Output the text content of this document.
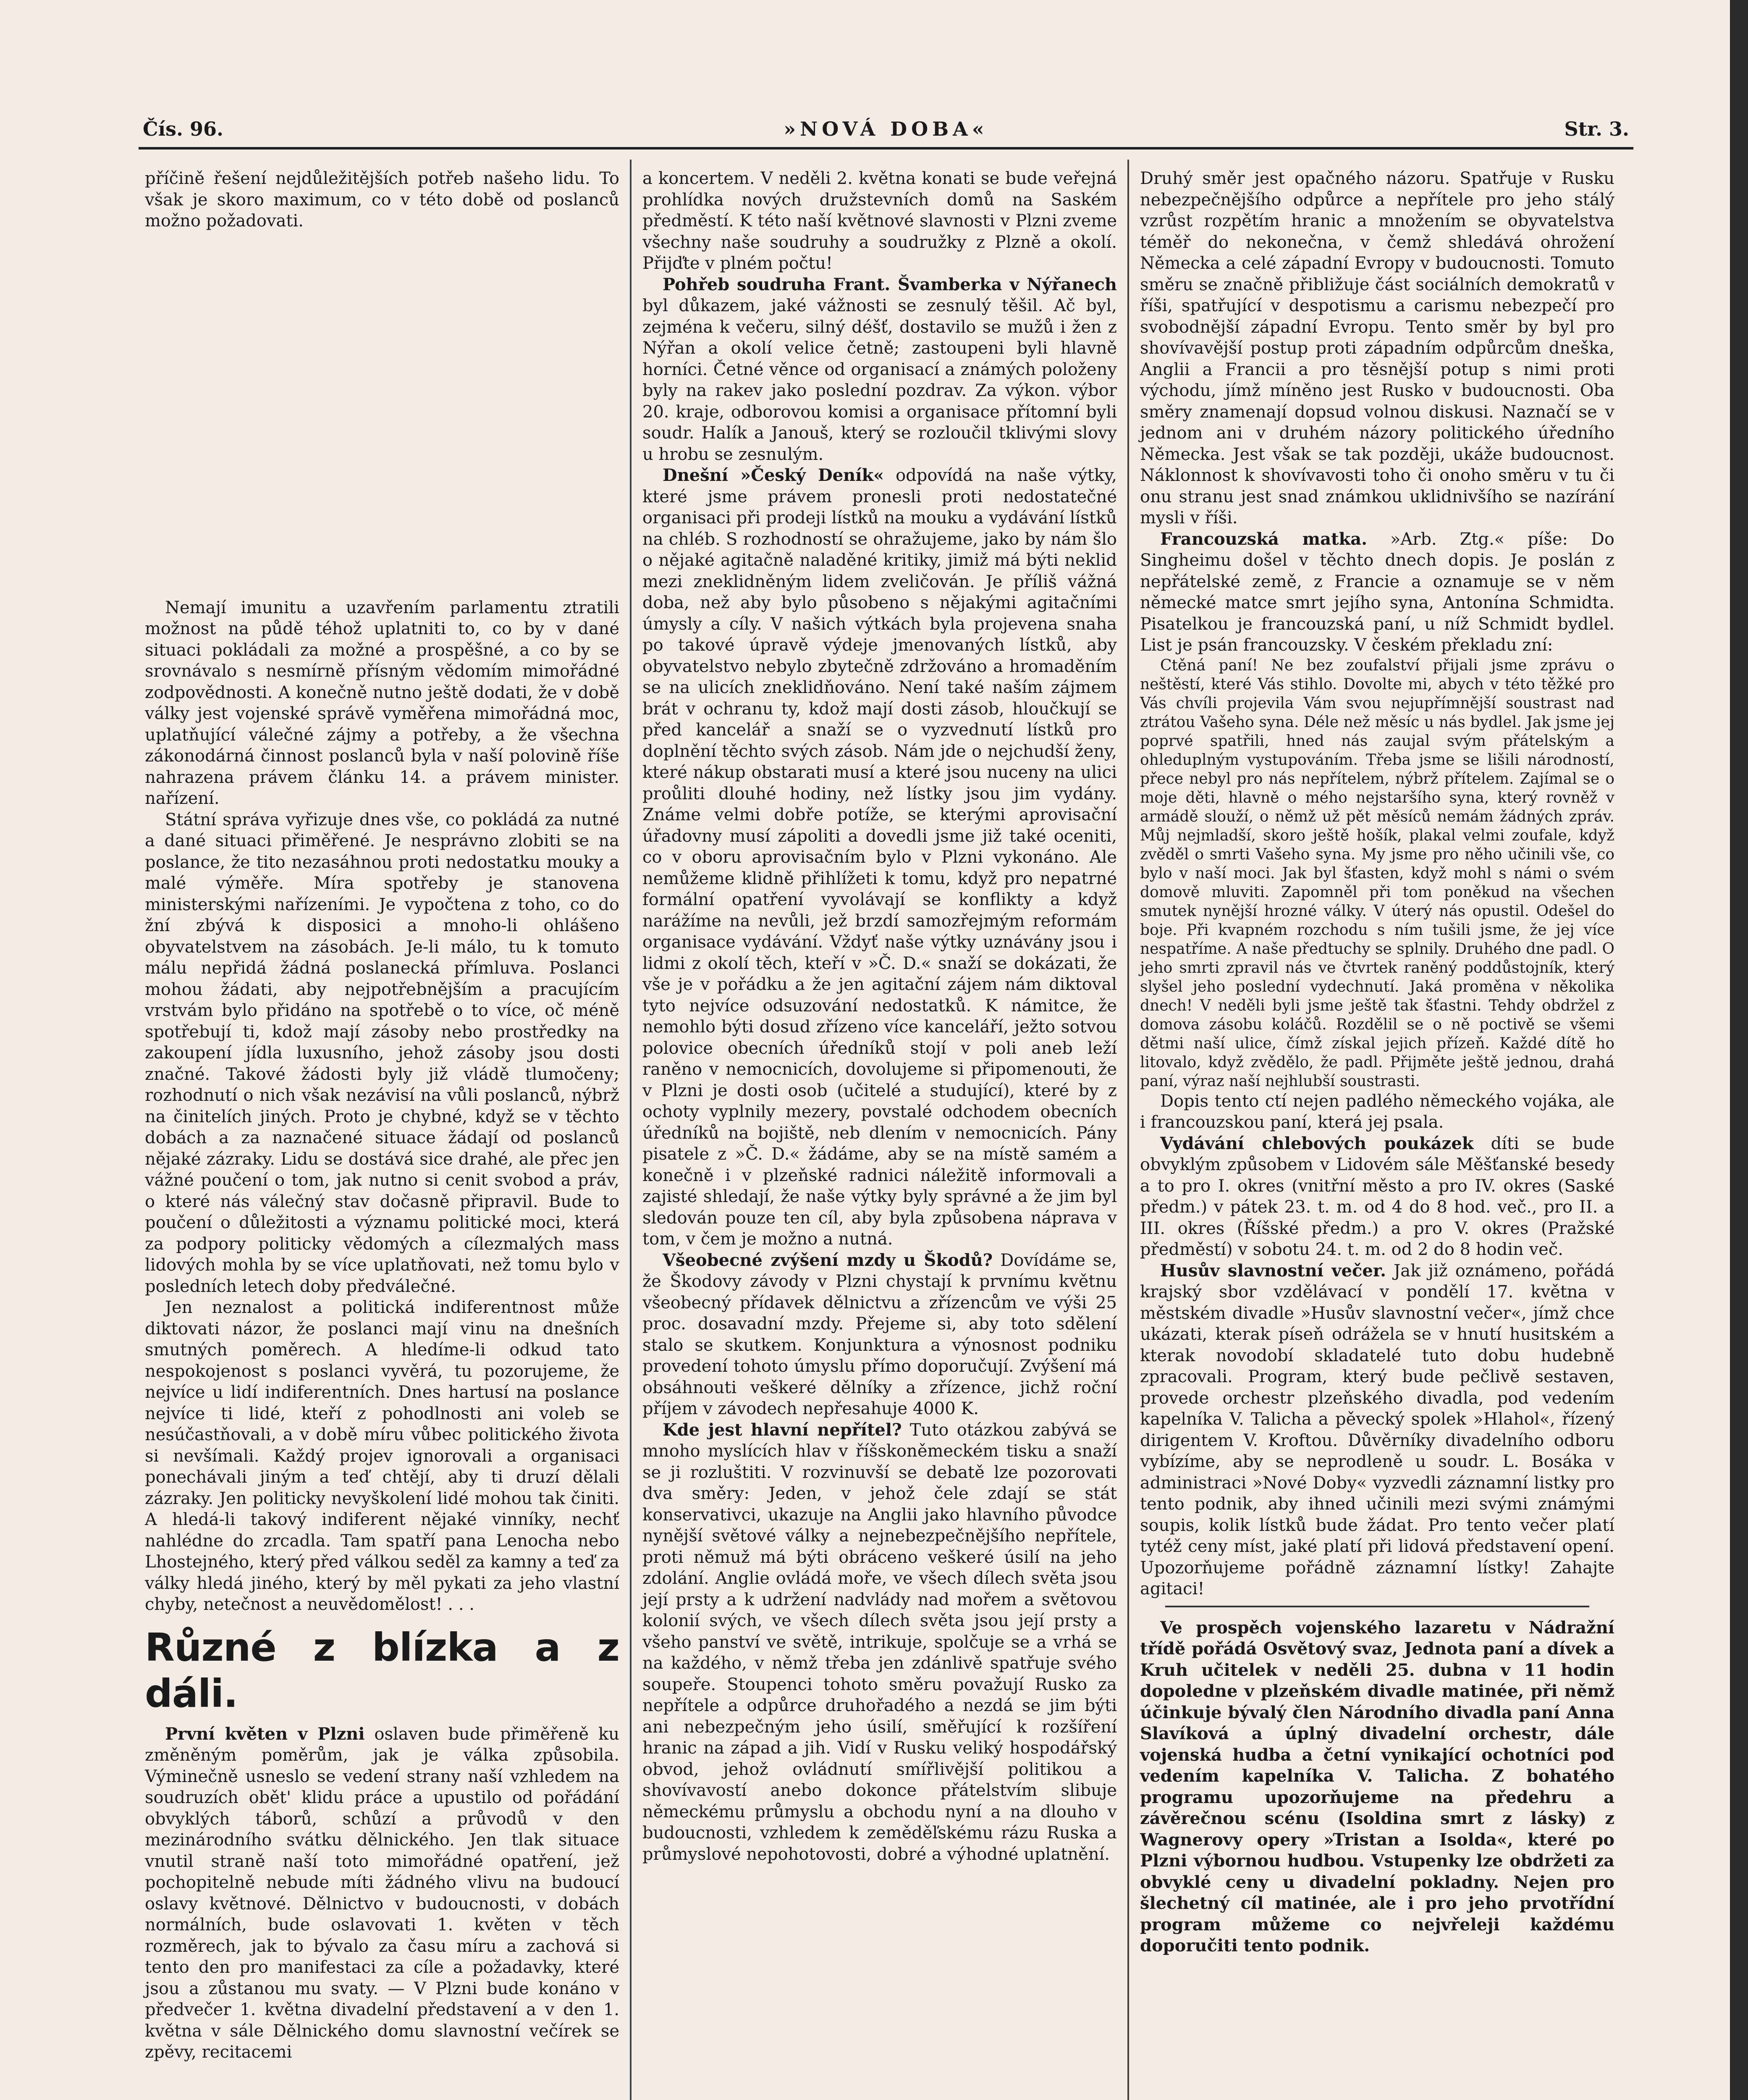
Čís. 96.	»NOVÁ DOBA«	Str. 3.

příčině řešení nejdůležitějších potřeb našeho lidu. To však je skoro maximum, co v této době od poslanců možno požadovati.

Nemají imunitu a uzavřením parlamentu ztratili možnost na půdě téhož uplatniti to, co by v dané situaci pokládali za možné a prospěšné, a co by se srovnávalo s nesmírně přísným vědomím mimořádné zodpovědnosti. A konečně nutno ještě dodati, že v době války jest vojenské správě vyměřena mimořádná moc, uplatňující válečné zájmy a potřeby, a že všechna zákonodárná činnost poslanců byla v naší polovině říše nahrazena právem článku 14. a právem minister. nařízení.

Státní správa vyřizuje dnes vše, co pokládá za nutné a dané situaci přiměřené. Je nesprávno zlobiti se na poslance, že tito nezasáhnou proti nedostatku mouky a malé výměře. Míra spotřeby je stanovena ministerskými nařízeními. Je vypočtena z toho, co do žní zbývá k disposici a mnoho-li ohlášeno obyvatelstvem na zásobách. Je-li málo, tu k tomuto málu nepřidá žádná poslanecká přímluva. Poslanci mohou žádati, aby nejpotřebnějším a pracujícím vrstvám bylo přidáno na spotřebě o to více, oč méně spotřebují ti, kdož mají zásoby nebo prostředky na zakoupení jídla luxusního, jehož zásoby jsou dosti značné. Takové žádosti byly již vládě tlumočeny; rozhodnutí o nich však nezávisí na vůli poslanců, nýbrž na činitelích jiných. Proto je chybné, když se v těchto dobách a za naznačené situace žádají od poslanců nějaké zázraky. Lidu se dostává sice drahé, ale přec jen vážné poučení o tom, jak nutno si cenit svobod a práv, o které nás válečný stav dočasně připravil. Bude to poučení o důležitosti a významu politické moci, která za podpory politicky vědomých a cílezmalých mass lidových mohla by se více uplatňovati, než tomu bylo v posledních letech doby předválečné.

Jen neznalost a politická indiferentnost může diktovati názor, že poslanci mají vinu na dnešních smutných poměrech. A hledíme-li odkud tato nespokojenost s poslanci vyvěrá, tu pozorujeme, že nejvíce u lidí indiferentních. Dnes hartusí na poslance nejvíce ti lidé, kteří z pohodlnosti ani voleb se nesúčastňovali, a v době míru vůbec politického života si nevšímali. Každý projev ignorovali a organisaci ponechávali jiným a teď chtějí, aby ti druzí dělali zázraky. Jen politicky nevyškolení lidé mohou tak činiti. A hledá-li takový indiferent nějaké vinníky, nechť nahlédne do zrcadla. Tam spatří pana Lenocha nebo Lhostejného, který před válkou seděl za kamny a teď za války hledá jiného, který by měl pykati za jeho vlastní chyby, netečnost a neuvědomělost! . . .

Různé z blízka a z dáli.

První květen v Plzni oslaven bude přiměřeně ku změněným poměrům, jak je válka způsobila. Výminečně usneslo se vedení strany naší vzhledem na soudruzích obět' klidu práce a upustilo od pořádání obvyklých táborů, schůzí a průvodů v den mezinárodního svátku dělnického. Jen tlak situace vnutil straně naší toto mimořádné opatření, jež pochopitelně nebude míti žádného vlivu na budoucí oslavy květnové. Dělnictvo v budoucnosti, v dobách normálních, bude oslavovati 1. květen v těch rozměrech, jak to bývalo za času míru a zachová si tento den pro manifestaci za cíle a požadavky, které jsou a zůstanou mu svaty. — V Plzni bude konáno v předvečer 1. května divadelní představení a v den 1. května v sále Dělnického domu slavnostní večírek se zpěvy, recitacemi

a koncertem. V neděli 2. května konati se bude veřejná prohlídka nových družstevních domů na Saském předměstí. K této naší květnové slavnosti v Plzni zveme všechny naše soudruhy a soudružky z Plzně a okolí. Přijďte v plném počtu!

Pohřeb soudruha Frant. Švamberka v Nýřanech byl důkazem, jaké vážnosti se zesnulý těšil. Ač byl, zejména k večeru, silný déšť, dostavilo se mužů i žen z Nýřan a okolí velice četně; zastoupeni byli hlavně horníci. Četné věnce od organisací a známých položeny byly na rakev jako poslední pozdrav. Za výkon. výbor 20. kraje, odborovou komisi a organisace přítomní byli soudr. Halík a Janouš, který se rozloučil tklivými slovy u hrobu se zesnulým.

Dnešní »Český Deník« odpovídá na naše výtky, které jsme právem pronesli proti nedostatečné organisaci při prodeji lístků na mouku a vydávání lístků na chléb. S rozhodností se ohražujeme, jako by nám šlo o nějaké agitačně naladěné kritiky, jimiž má býti neklid mezi zneklidněným lidem zveličován. Je příliš vážná doba, než aby bylo působeno s nějakými agitačními úmysly a cíly. V našich výtkách byla projevena snaha po takové úpravě výdeje jmenovaných lístků, aby obyvatelstvo nebylo zbytečně zdržováno a hromaděním se na ulicích zneklidňováno. Není také naším zájmem brát v ochranu ty, kdož mají dosti zásob, hloučkují se před kancelář a snaží se o vyzvednutí lístků pro doplnění těchto svých zásob. Nám jde o nejchudší ženy, které nákup obstarati musí a které jsou nuceny na ulici proůliti dlouhé hodiny, než lístky jsou jim vydány. Známe velmi dobře potíže, se kterými aprovisační úřadovny musí zápoliti a dovedli jsme již také oceniti, co v oboru aprovisačním bylo v Plzni vykonáno. Ale nemůžeme klidně přihlížeti k tomu, když pro nepatrné formální opatření vyvolávají se konflikty a když narážíme na nevůli, jež brzdí samozřejmým reformám organisace vydávání. Vždyť naše výtky uznávány jsou i lidmi z okolí těch, kteří v »Č. D.« snaží se dokázati, že vše je v pořádku a že jen agitační zájem nám diktoval tyto nejvíce odsuzování nedostatků. K námitce, že nemohlo býti dosud zřízeno více kanceláří, ježto sotvou polovice obecních úředníků stojí v poli aneb leží raněno v nemocnicích, dovolujeme si připomenouti, že v Plzni je dosti osob (učitelé a studující), které by z ochoty vyplnily mezery, povstalé odchodem obecních úředníků na bojiště, neb dlením v nemocnicích. Pány pisatele z »Č. D.« žádáme, aby se na místě samém a konečně i v plzeňské radnici náležitě informovali a zajisté shledají, že naše výtky byly správné a že jim byl sledován pouze ten cíl, aby byla způsobena náprava v tom, v čem je možno a nutná.

Všeobecné zvýšení mzdy u Škodů? Dovídáme se, že Škodovy závody v Plzni chystají k prvnímu květnu všeobecný přídavek dělnictvu a zřízencům ve výši 25 proc. dosavadní mzdy. Přejeme si, aby toto sdělení stalo se skutkem. Konjunktura a výnosnost podniku provedení tohoto úmyslu přímo doporučují. Zvýšení má obsáhnouti veškeré dělníky a zřízence, jichž roční příjem v závodech nepřesahuje 4000 K.

Kde jest hlavní nepřítel? Tuto otázkou zabývá se mnoho myslících hlav v říšskoněmeckém tisku a snaží se ji rozluštiti. V rozvinuvší se debatě lze pozorovati dva směry: Jeden, v jehož čele zdají se stát konservativci, ukazuje na Anglii jako hlavního původce nynější světové války a nejnebezpečnějšího nepřítele, proti němuž má býti obráceno veškeré úsilí na jeho zdolání. Anglie ovládá moře, ve všech dílech světa jsou její prsty a k udržení nadvlády nad mořem a světovou kolonií svých, ve všech dílech světa jsou její prsty a všeho panství ve světě, intrikuje, spolčuje se a vrhá se na každého, v němž třeba jen zdánlivě spatřuje svého soupeře. Stoupenci tohoto směru považují Rusko za nepřítele a odpůrce druhořadého a nezdá se jim býti ani nebezpečným jeho úsilí, směřující k rozšíření hranic na západ a jih. Vidí v Rusku veliký hospodářský obvod, jehož ovládnutí smířlivější politikou a shovívavostí anebo dokonce přátelstvím slibuje německému průmyslu a obchodu nyní a na dlouho v budoucnosti, vzhledem k zeměděľskému rázu Ruska a průmyslové nepohotovosti, dobré a výhodné uplatnění.

Druhý směr jest opačného názoru. Spatřuje v Rusku nebezpečnějšího odpůrce a nepřítele pro jeho stálý vzrůst rozpětím hranic a množením se obyvatelstva téměř do nekonečna, v čemž shledává ohrožení Německa a celé západní Evropy v budoucnosti. Tomuto směru se značně přibližuje část sociálních demokratů v říši, spatřující v despotismu a carismu nebezpečí pro svobodnější západní Evropu. Tento směr by byl pro shovívavější postup proti západním odpůrcům dneška, Anglii a Francii a pro těsnější potup s nimi proti východu, jímž míněno jest Rusko v budoucnosti. Oba směry znamenají dopsud volnou diskusi. Naznačí se v jednom ani v druhém názory politického úředního Německa. Jest však se tak později, ukáže budoucnost. Náklonnost k shovívavosti toho či onoho směru v tu či onu stranu jest snad známkou uklidnivšího se nazírání mysli v říši.

Francouzská matka. »Arb. Ztg.« píše: Do Singheimu došel v těchto dnech dopis. Je poslán z nepřátelské země, z Francie a oznamuje se v něm německé matce smrt jejího syna, Antonína Schmidta. Pisatelkou je francouzská paní, u níž Schmidt bydlel. List je psán francouzsky. V českém překladu zní:

Ctěná paní! Ne bez zoufalství přijali jsme zprávu o neštěstí, které Vás stihlo. Dovolte mi, abych v této těžké pro Vás chvíli projevila Vám svou nejupřímnější soustrast nad ztrátou Vašeho syna. Déle než měsíc u nás bydlel. Jak jsme jej poprvé spatřili, hned nás zaujal svým přátelským a ohleduplným vystupováním. Třeba jsme se lišili národností, přece nebyl pro nás nepřítelem, nýbrž přítelem. Zajímal se o moje děti, hlavně o mého nejstaršího syna, který rovněž v armádě slouží, o němž už pět měsíců nemám žádných zpráv. Můj nejmladší, skoro ještě hošík, plakal velmi zoufale, když zvěděl o smrti Vašeho syna. My jsme pro něho učinili vše, co bylo v naší moci. Jak byl šťasten, když mohl s námi o svém domově mluviti. Zapomněl při tom poněkud na všechen smutek nynější hrozné války. V úterý nás opustil. Odešel do boje. Při kvapném rozchodu s ním tušili jsme, že jej více nespatříme. A naše předtuchy se splnily. Druhého dne padl. O jeho smrti zpravil nás ve čtvrtek raněný poddůstojník, který slyšel jeho poslední vydechnutí. Jaká proměna v několika dnech! V neděli byli jsme ještě tak šťastni. Tehdy obdržel z domova zásobu koláčů. Rozdělil se o ně poctivě se všemi dětmi naší ulice, čímž získal jejich přízeň. Každé dítě ho litovalo, když zvědělo, že padl. Přijměte ještě jednou, drahá paní, výraz naší nejhlubší soustrasti.

Dopis tento ctí nejen padlého německého vojáka, ale i francouzskou paní, která jej psala.

Vydávání chlebových poukázek díti se bude obvyklým způsobem v Lidovém sále Měšťanské besedy a to pro I. okres (vnitřní město a pro IV. okres (Saské předm.) v pátek 23. t. m. od 4 do 8 hod. več., pro II. a III. okres (Říšské předm.) a pro V. okres (Pražské předměstí) v sobotu 24. t. m. od 2 do 8 hodin več.

Husův slavnostní večer. Jak již oznámeno, pořádá krajský sbor vzdělávací v pondělí 17. května v městském divadle »Husův slavnostní večer«, jímž chce ukázati, kterak píseň odrážela se v hnutí husitském a kterak novodobí skladatelé tuto dobu hudebně zpracovali. Program, který bude pečlivě sestaven, provede orchestr plzeňského divadla, pod vedením kapelníka V. Talicha a pěvecký spolek »Hlahol«, řízený dirigentem V. Kroftou. Důvěrníky divadelního odboru vybízíme, aby se neprodleně u soudr. L. Bosáka v administraci »Nové Doby« vyzvedli záznamní listky pro tento podnik, aby ihned učinili mezi svými známými soupis, kolik lístků bude žádat. Pro tento večer platí tytéž ceny míst, jaké platí při lidová představení opení. Upozorňujeme pořádně záznamní lístky! Zahajte agitaci!

Ve prospěch vojenského lazaretu v Nádražní třídě pořádá Osvětový svaz, Jednota paní a dívek a Kruh učitelek v neděli 25. dubna v 11 hodin dopoledne v plzeňském divadle matinée, při němž účinkuje bývalý člen Národního divadla paní Anna Slavíková a úplný divadelní orchestr, dále vojenská hudba a četní vynikající ochotníci pod vedením kapelníka V. Talicha. Z bohatého programu upozorňujeme na předehru a závěrečnou scénu (Isoldina smrt z lásky) z Wagnerovy opery »Tristan a Isolda«, které po Plzni výbornou hudbou. Vstupenky lze obdržeti za obvyklé ceny u divadelní pokladny. Nejen pro šlechetný cíl matinée, ale i pro jeho prvotřídní program můžeme co nejvřeleji každému doporučiti tento podnik.
